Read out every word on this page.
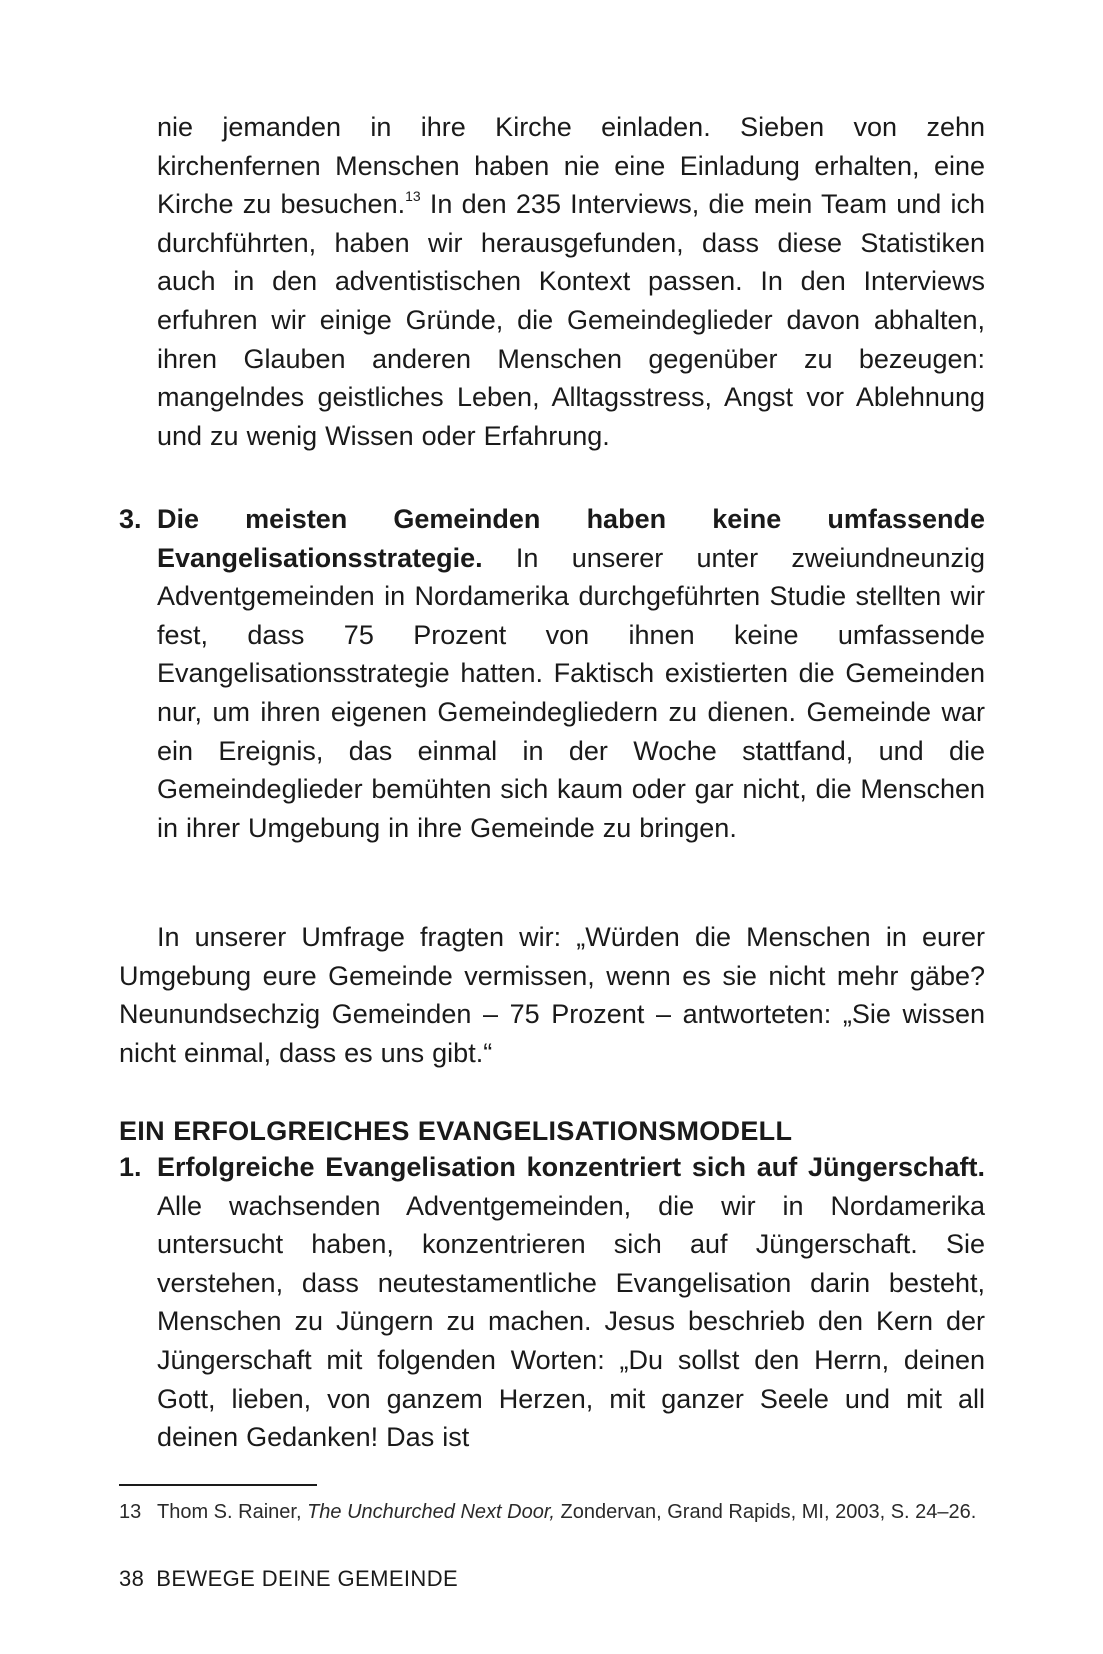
nie jemanden in ihre Kirche einladen. Sieben von zehn kirchenfernen Menschen haben nie eine Einladung erhalten, eine Kirche zu besuchen.$^{13}$ In den 235 Interviews, die mein Team und ich durchführten, haben wir herausgefunden, dass diese Statistiken auch in den adventistischen Kontext passen. In den Interviews erfuhren wir einige Gründe, die Gemeindeglieder davon abhalten, ihren Glauben anderen Menschen gegenüber zu bezeugen: mangelndes geistliches Leben, Alltagsstress, Angst vor Ablehnung und zu wenig Wissen oder Erfahrung.
3. Die meisten Gemeinden haben keine umfassende Evangelisationsstrategie. In unserer unter zweiundneunzig Adventgemeinden in Nordamerika durchgeführten Studie stellten wir fest, dass 75 Prozent von ihnen keine umfassende Evangelisationsstrategie hatten. Faktisch existierten die Gemeinden nur, um ihren eigenen Gemeindegliedern zu dienen. Gemeinde war ein Ereignis, das einmal in der Woche stattfand, und die Gemeindeglieder bemühten sich kaum oder gar nicht, die Menschen in ihrer Umgebung in ihre Gemeinde zu bringen.

In unserer Umfrage fragten wir: „Würden die Menschen in eurer Umgebung eure Gemeinde vermissen, wenn es sie nicht mehr gäbe? Neunundsechzig Gemeinden – 75 Prozent – antworteten: „Sie wissen nicht einmal, dass es uns gibt.“

EIN ERFOLGREICHES EVANGELISATIONSMODELL
1. Erfolgreiche Evangelisation konzentriert sich auf Jüngerschaft. Alle wachsenden Adventgemeinden, die wir in Nordamerika untersucht haben, konzentrieren sich auf Jüngerschaft. Sie verstehen, dass neutestamentliche Evangelisation darin besteht, Menschen zu Jüngern zu machen. Jesus beschrieb den Kern der Jüngerschaft mit folgenden Worten: „Du sollst den Herrn, deinen Gott, lieben, von ganzem Herzen, mit ganzer Seele und mit all deinen Gedanken! Das ist
13 Thom S. Rainer, The Unchurched Next Door, Zondervan, Grand Rapids, MI, 2003, S. 24–26.
38 BEWEGE DEINE GEMEINDE
